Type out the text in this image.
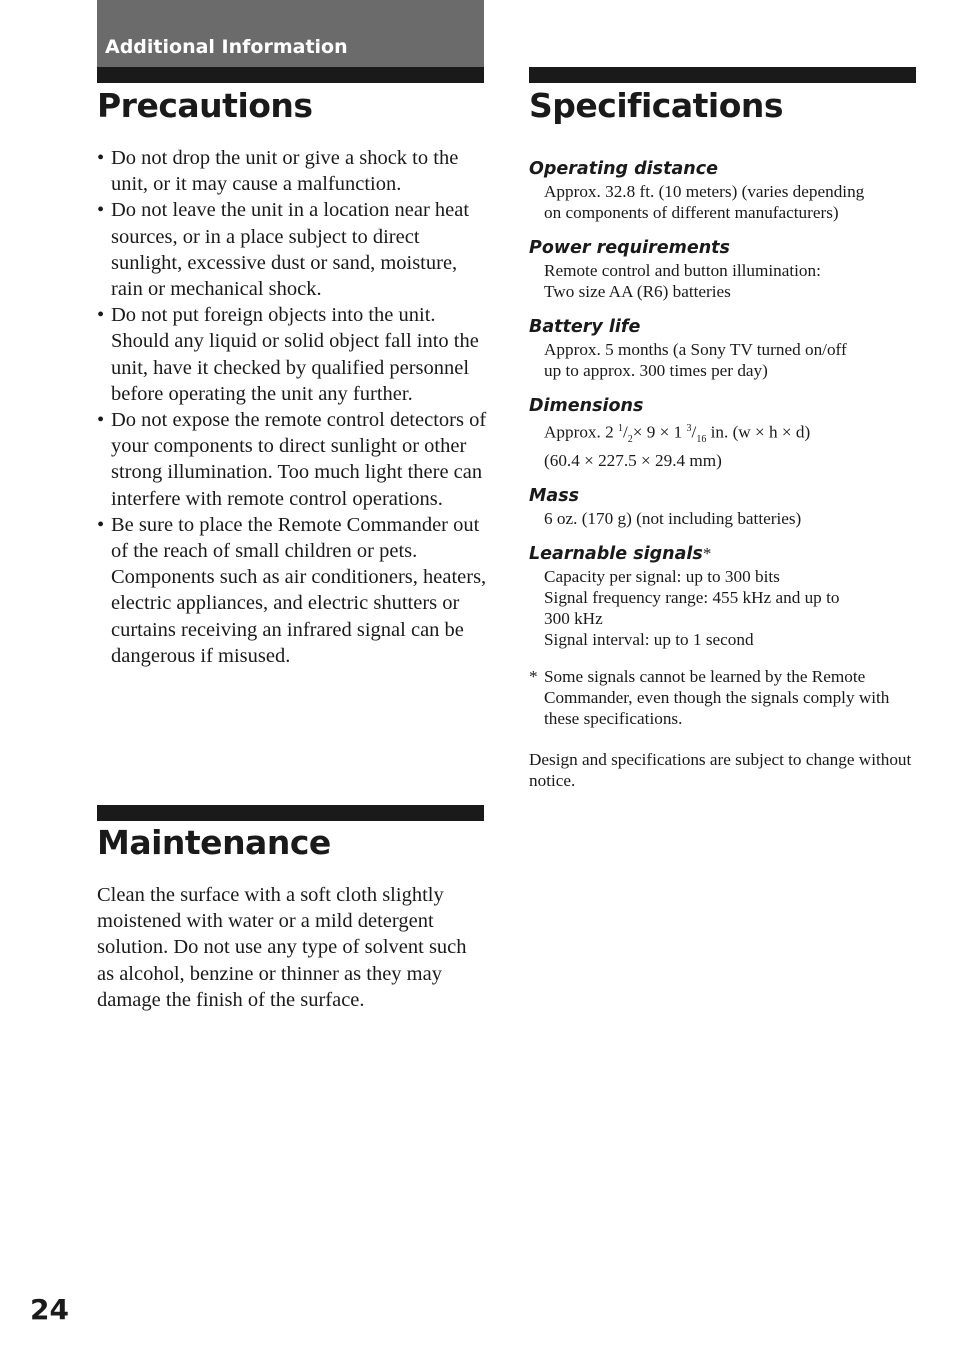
Additional Information
Precautions
• Do not drop the unit or give a shock to the unit, or it may cause a malfunction.
• Do not leave the unit in a location near heat sources, or in a place subject to direct sunlight, excessive dust or sand, moisture, rain or mechanical shock.
• Do not put foreign objects into the unit. Should any liquid or solid object fall into the unit, have it checked by qualified personnel before operating the unit any further.
• Do not expose the remote control detectors of your components to direct sunlight or other strong illumination. Too much light there can interfere with remote control operations.
• Be sure to place the Remote Commander out of the reach of small children or pets. Components such as air conditioners, heaters, electric appliances, and electric shutters or curtains receiving an infrared signal can be dangerous if misused.
Maintenance
Clean the surface with a soft cloth slightly moistened with water or a mild detergent solution. Do not use any type of solvent such as alcohol, benzine or thinner as they may damage the finish of the surface.
Specifications
Operating distance
Approx. 32.8 ft. (10 meters) (varies depending
on components of different manufacturers)
Power requirements
Remote control and button illumination:
Two size AA (R6) batteries
Battery life
Approx. 5 months (a Sony TV turned on/off
up to approx. 300 times per day)
Dimensions
Approx. 2 $^1/_2\times 9 \times 1$ $^3/_{16}$ in. (w × h × d)
(60.4 × 227.5 × 29.4 mm)
Mass
6 oz. (170 g) (not including batteries)
Learnable signals*
Capacity per signal: up to 300 bits
Signal frequency range: 455 kHz and up to
300 kHz
Signal interval: up to 1 second
* Some signals cannot be learned by the Remote Commander, even though the signals comply with these specifications.
Design and specifications are subject to change without notice.
24
